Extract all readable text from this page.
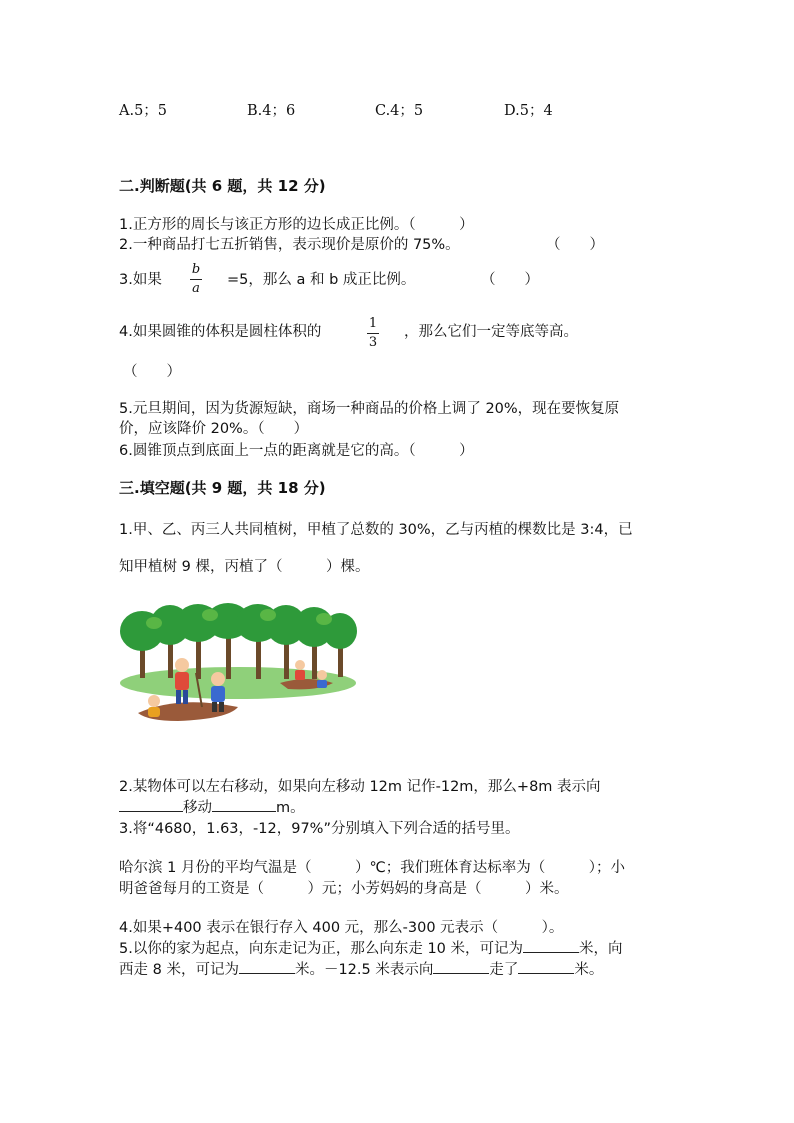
A.5；5	B.4；6	C.4；5	D.5；4
二.判断题(共 6 题，共 12 分)
1.正方形的周长与该正方形的边长成正比例。（　　　）
2.一种商品打七五折销售，表示现价是原价的 75%。	（　　）
3.如果
b
a
=5，那么 a 和 b 成正比例。	（　　）
4.如果圆锥的体积是圆柱体积的
1
3
，那么它们一定等底等高。
（　　）
5.元旦期间，因为货源短缺，商场一种商品的价格上调了 20%，现在要恢复原
价，应该降价 20%。（　　）
6.圆锥顶点到底面上一点的距离就是它的高。（　　　）
三.填空题(共 9 题，共 18 分)
1.甲、乙、丙三人共同植树，甲植了总数的 30%，乙与丙植的棵数比是 3:4，已
知甲植树 9 棵，丙植了（　　　）棵。
2.某物体可以左右移动，如果向左移动 12m 记作-12m，那么+8m 表示向
移动	m。
3.将“4680，1.63，-12，97%”分别填入下列合适的括号里。
哈尔滨 1 月份的平均气温是（　　　）℃；我们班体育达标率为（　　　）；小
明爸爸每月的工资是（　　　）元；小芳妈妈的身高是（　　　）米。
4.如果+400 表示在银行存入 400 元，那么-300 元表示（　　　）。
5.以你的家为起点，向东走记为正，那么向东走 10 米，可记为	米，向
西走 8 米，可记为	米。－12.5 米表示向	走了	米。
